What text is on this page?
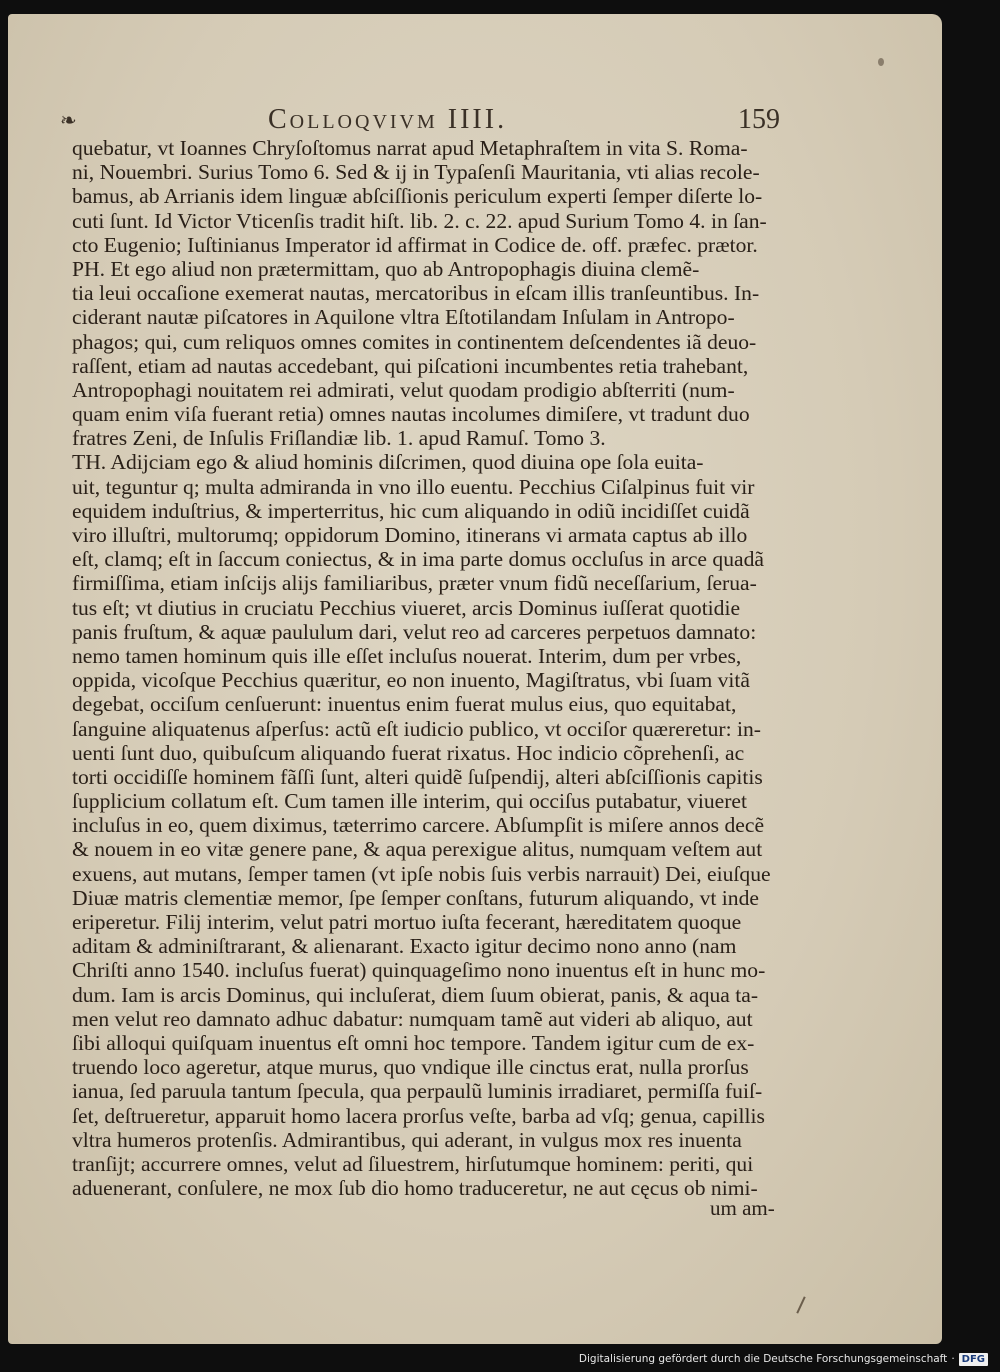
❧	Colloqvivm IIII.	159
quebatur, vt Ioannes Chryſoſtomus narrat apud Metaphraſtem in vita S. Roma-
ni, Nouembri. Surius Tomo 6. Sed & ij in Typaſenſi Mauritania, vti alias recole-
bamus, ab Arrianis idem linguæ abſciſſionis periculum experti ſemper diſerte lo-
cuti ſunt. Id Victor Vticenſis tradit hiſt. lib. 2. c. 22. apud Surium Tomo 4. in ſan-
cto Eugenio; Iuſtinianus Imperator id affirmat in Codice de. off. præfec. prætor.
PH. Et ego aliud non prætermittam, quo ab Antropophagis diuina clemẽ-
tia leui occaſione exemerat nautas, mercatoribus in eſcam illis tranſeuntibus. In-
ciderant nautæ piſcatores in Aquilone vltra Eſtotilandam Inſulam in Antropo-
phagos; qui, cum reliquos omnes comites in continentem deſcendentes iã deuo-
raſſent, etiam ad nautas accedebant, qui piſcationi incumbentes retia trahebant,
Antropophagi nouitatem rei admirati, velut quodam prodigio abſterriti (num-
quam enim viſa fuerant retia) omnes nautas incolumes dimiſere, vt tradunt duo
fratres Zeni, de Inſulis Friſlandiæ lib. 1. apud Ramuſ. Tomo 3.
TH. Adijciam ego & aliud hominis diſcrimen, quod diuina ope ſola euita-
uit, teguntur q; multa admiranda in vno illo euentu. Pecchius Ciſalpinus fuit vir
equidem induſtrius, & imperterritus, hic cum aliquando in odiũ incidiſſet cuidã
viro illuſtri, multorumq; oppidorum Domino, itinerans vi armata captus ab illo
eſt, clamq; eſt in ſaccum coniectus, & in ima parte domus occluſus in arce quadã
firmiſſima, etiam inſcijs alijs familiaribus, præter vnum fidũ neceſſarium, ſerua-
tus eſt; vt diutius in cruciatu Pecchius viueret, arcis Dominus iuſſerat quotidie
panis fruſtum, & aquæ paululum dari, velut reo ad carceres perpetuos damnato:
nemo tamen hominum quis ille eſſet incluſus nouerat. Interim, dum per vrbes,
oppida, vicoſque Pecchius quæritur, eo non inuento, Magiſtratus, vbi ſuam vitã
degebat, occiſum cenſuerunt: inuentus enim fuerat mulus eius, quo equitabat,
ſanguine aliquatenus aſperſus: actũ eſt iudicio publico, vt occiſor quæreretur: in-
uenti ſunt duo, quibuſcum aliquando fuerat rixatus. Hoc indicio cõprehenſi, ac
torti occidiſſe hominem fãſſi ſunt, alteri quidẽ ſuſpendij, alteri abſciſſionis capitis
ſupplicium collatum eſt. Cum tamen ille interim, qui occiſus putabatur, viueret
incluſus in eo, quem diximus, tæterrimo carcere. Abſumpſit is miſere annos decẽ
& nouem in eo vitæ genere pane, & aqua perexigue alitus, numquam veſtem aut
exuens, aut mutans, ſemper tamen (vt ipſe nobis ſuis verbis narrauit) Dei, eiuſque
Diuæ matris clementiæ memor, ſpe ſemper conſtans, futurum aliquando, vt inde
eriperetur. Filij interim, velut patri mortuo iuſta fecerant, hæreditatem quoque
aditam & adminiſtrarant, & alienarant. Exacto igitur decimo nono anno (nam
Chriſti anno 1540. incluſus fuerat) quinquageſimo nono inuentus eſt in hunc mo-
dum. Iam is arcis Dominus, qui incluſerat, diem ſuum obierat, panis, & aqua ta-
men velut reo damnato adhuc dabatur: numquam tamẽ aut videri ab aliquo, aut
ſibi alloqui quiſquam inuentus eſt omni hoc tempore. Tandem igitur cum de ex-
truendo loco ageretur, atque murus, quo vndique ille cinctus erat, nulla prorſus
ianua, ſed paruula tantum ſpecula, qua perpaulũ luminis irradiaret, permiſſa fuiſ-
ſet, deſtrueretur, apparuit homo lacera prorſus veſte, barba ad vſq; genua, capillis
vltra humeros protenſis. Admirantibus, qui aderant, in vulgus mox res inuenta
tranſijt; accurrere omnes, velut ad ſiluestrem, hirſutumque hominem: periti, qui
aduenerant, conſulere, ne mox ſub dio homo traduceretur, ne aut cęcus ob nimi-
um am-
Digitalisierung gefördert durch die Deutsche Forschungsgemeinschaft · DFG
